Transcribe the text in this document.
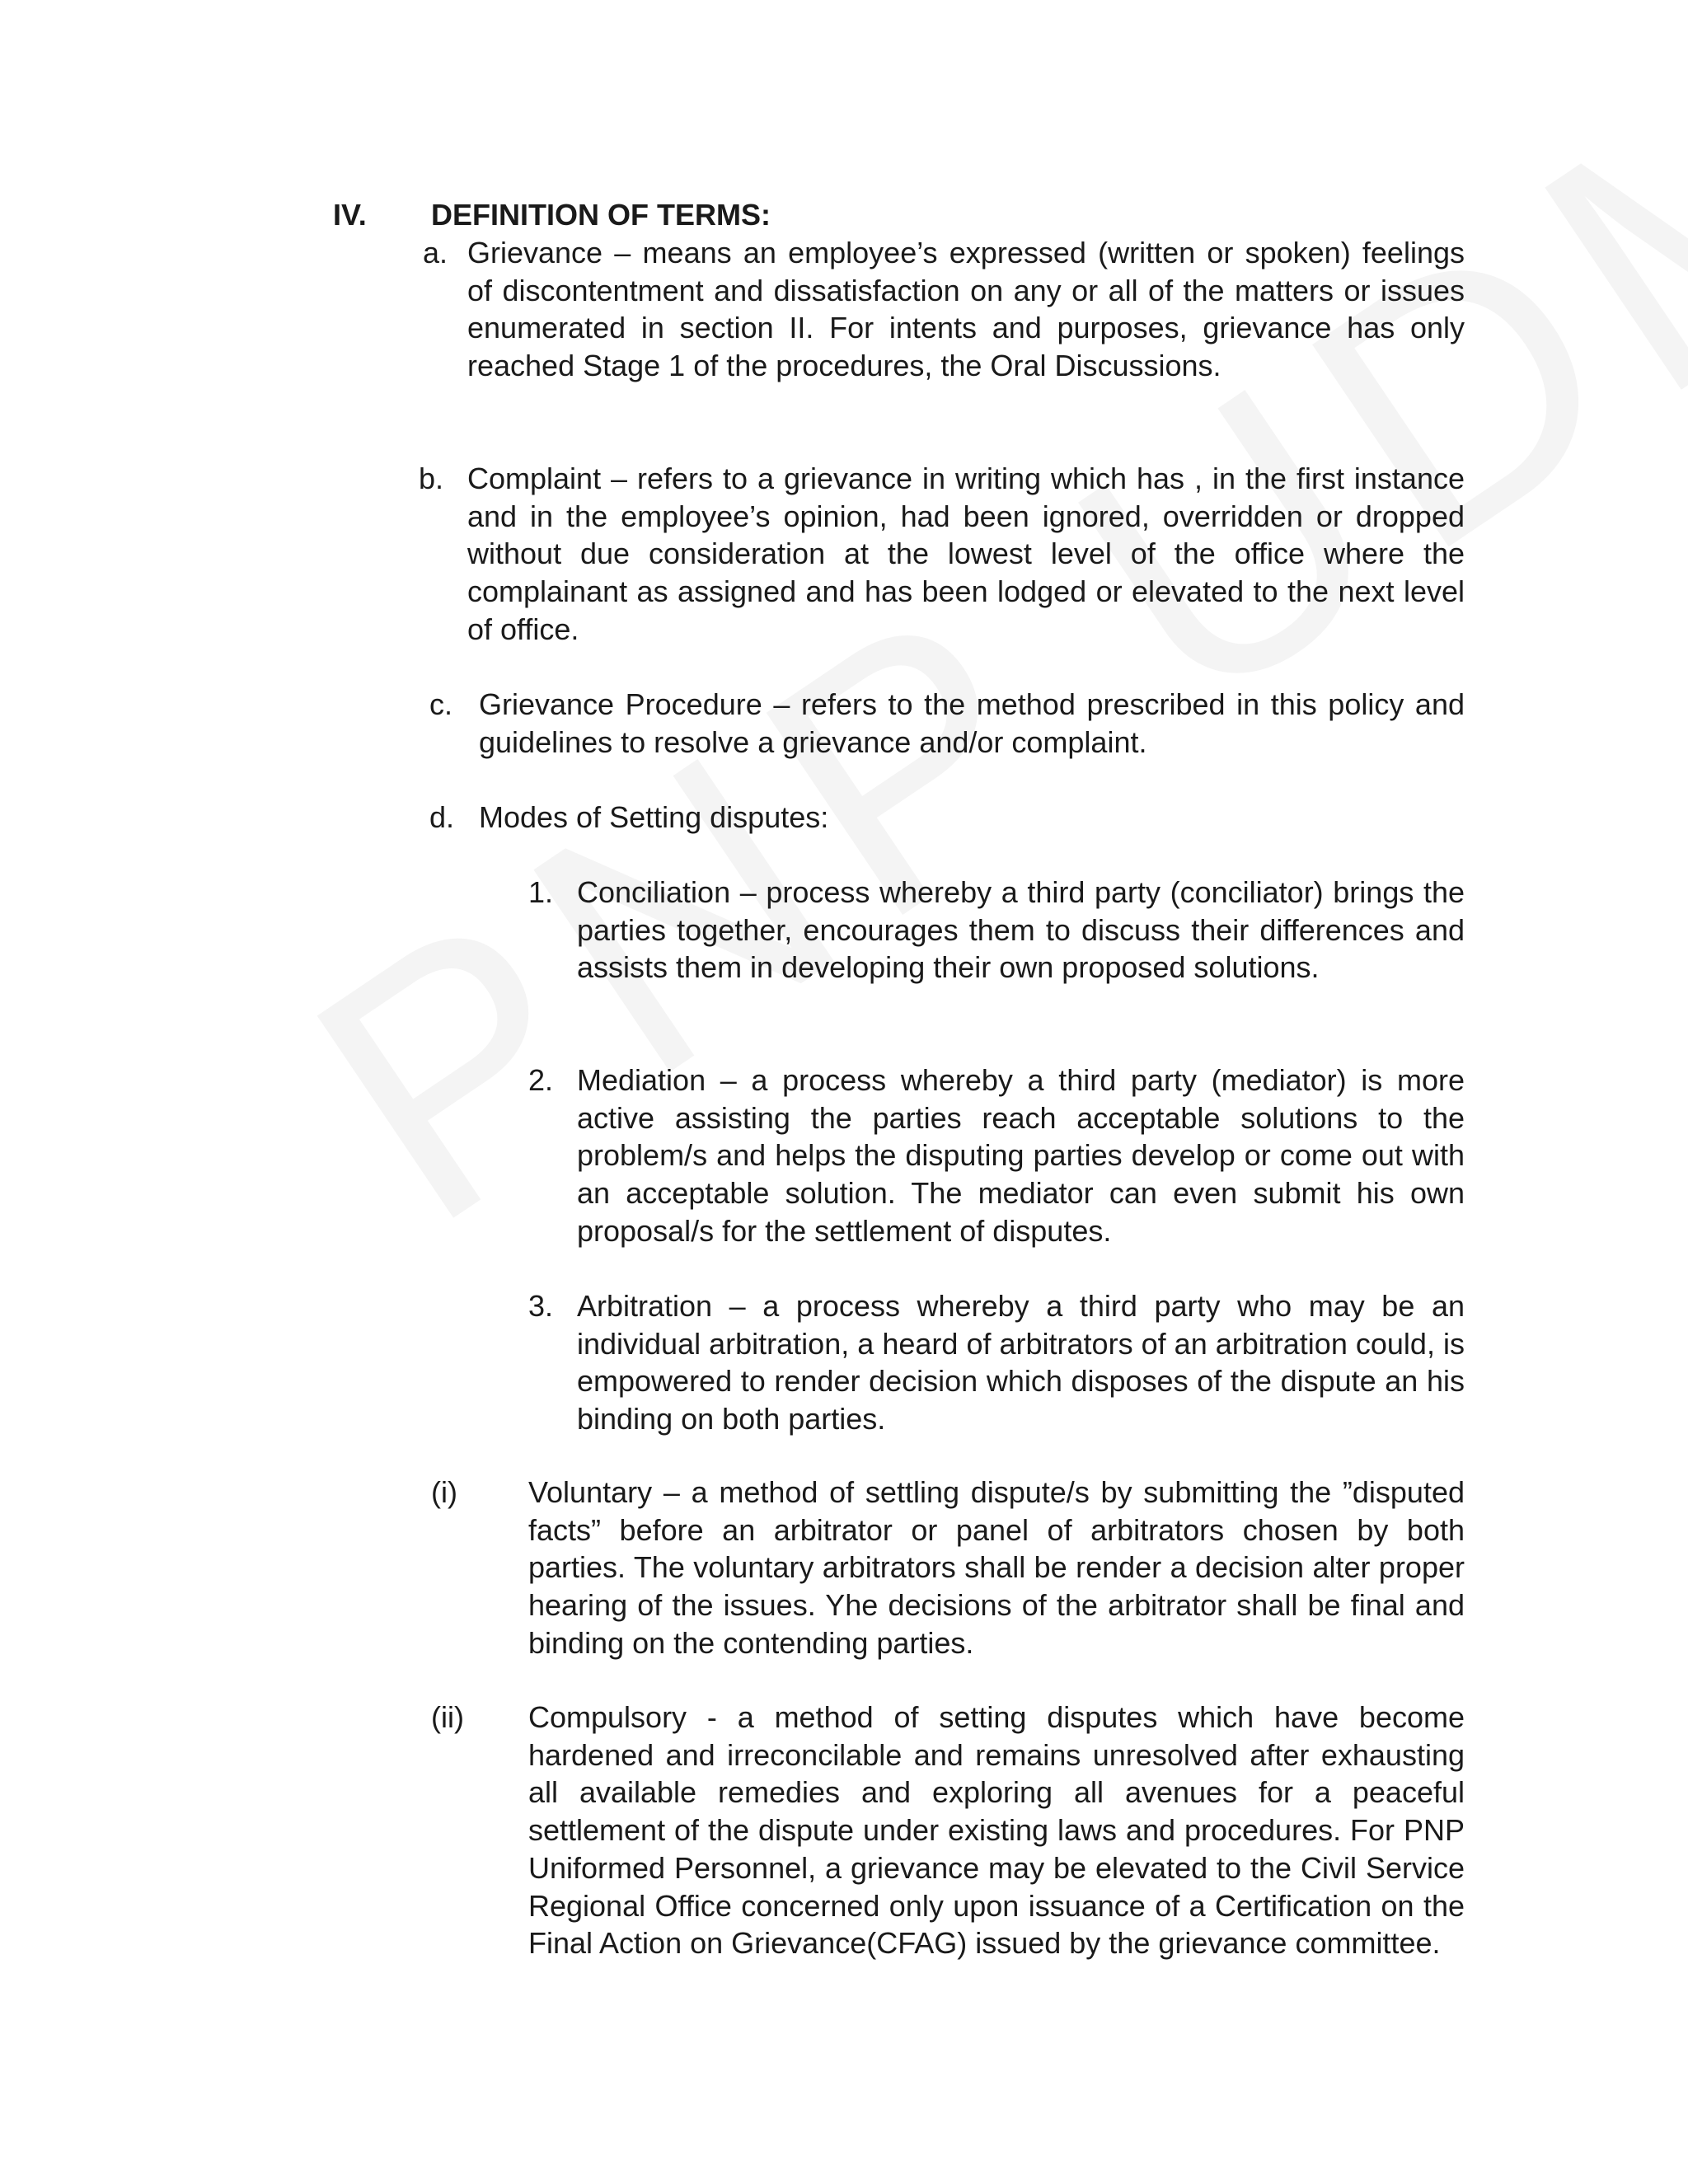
IV. DEFINITION OF TERMS:
a. Grievance – means an employee’s expressed (written or spoken) feelings of discontentment and dissatisfaction on any or all of the matters or issues enumerated in section II. For intents and purposes, grievance has only reached Stage 1 of the procedures, the Oral Discussions.

b. Complaint – refers to a grievance in writing which has , in the first instance and in the employee’s opinion, had been ignored, overridden or dropped without due consideration at the lowest level of the office where the complainant as assigned and has been lodged or elevated to the next level of office.

c. Grievance Procedure – refers to the method prescribed in this policy and guidelines to resolve a grievance and/or complaint.

d. Modes of Setting disputes:

1. Conciliation – process whereby a third party (conciliator) brings the parties together, encourages them to discuss their differences and assists them in developing their own proposed solutions.

2. Mediation – a process whereby a third party (mediator) is more active assisting the parties reach acceptable solutions to the problem/s and helps the disputing parties develop or come out with an acceptable solution. The mediator can even submit his own proposal/s for the settlement of disputes.

3. Arbitration – a process whereby a third party who may be an individual arbitration, a heard of arbitrators of an arbitration could, is empowered to render decision which disposes of the dispute an his binding on both parties.

(i) Voluntary – a method of settling dispute/s by submitting the ”disputed facts” before an arbitrator or panel of arbitrators chosen by both parties. The voluntary arbitrators shall be render a decision alter proper hearing of the issues. Yhe decisions of the arbitrator shall be final and binding on the contending parties.

(ii) Compulsory - a method of setting disputes which have become hardened and irreconcilable and remains unresolved after exhausting all available remedies and exploring all avenues for a peaceful settlement of the dispute under existing laws and procedures. For PNP Uniformed Personnel, a grievance may be elevated to the Civil Service Regional Office concerned only upon issuance of a Certification on the Final Action on Grievance(CFAG) issued by the grievance committee.
